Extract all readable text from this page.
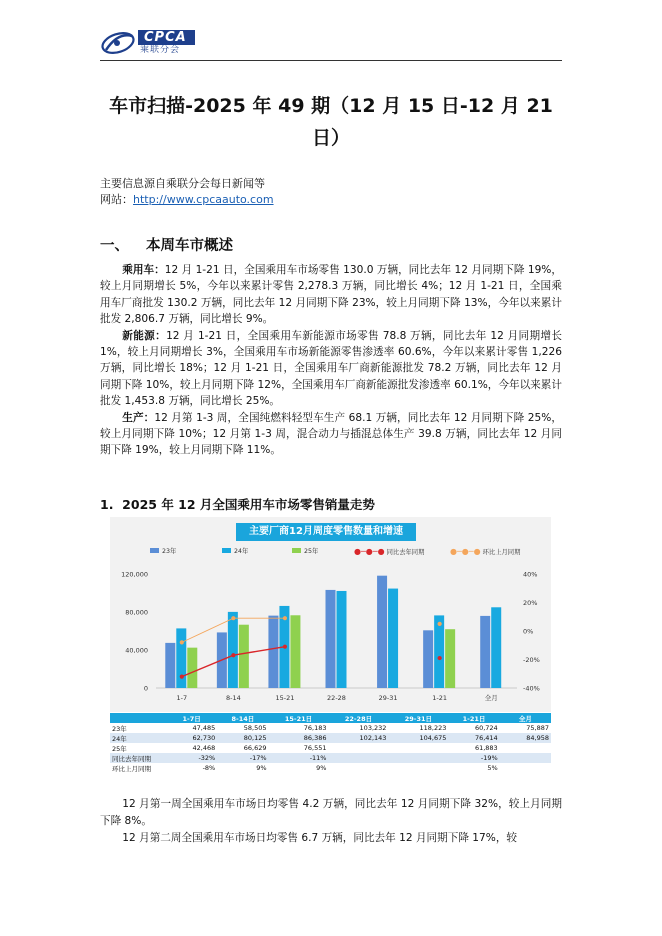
CPCA
乘联分会
车市扫描-2025 年 49 期（12 月 15 日-12 月 21
日）
主要信息源自乘联分会每日新闻等
网站：http://www.cpcaauto.com
一、 本周车市概述

乘用车：12 月 1-21 日，全国乘用车市场零售 130.0 万辆，同比去年 12 月同期下降 19%，较上月同期增长 5%，今年以来累计零售 2,278.3 万辆，同比增长 4%；12 月 1-21 日，全国乘用车厂商批发 130.2 万辆，同比去年 12 月同期下降 23%，较上月同期下降 13%，今年以来累计批发 2,806.7 万辆，同比增长 9%。

新能源：12 月 1-21 日，全国乘用车新能源市场零售 78.8 万辆，同比去年 12 月同期增长 1%，较上月同期增长 3%，全国乘用车市场新能源零售渗透率 60.6%，今年以来累计零售 1,226 万辆，同比增长 18%；12 月 1-21 日，全国乘用车厂商新能源批发 78.2 万辆，同比去年 12 月同期下降 10%，较上月同期下降 12%，全国乘用车厂商新能源批发渗透率 60.1%，今年以来累计批发 1,453.8 万辆，同比增长 25%。

生产：12 月第 1-3 周，全国纯燃料轻型车生产 68.1 万辆，同比去年 12 月同期下降 25%，较上月同期下降 10%；12 月第 1-3 周，混合动力与插混总体生产 39.8 万辆，同比去年 12 月同期下降 19%，较上月同期下降 11%。

1. 2025 年 12 月全国乘用车市场零售销量走势
主要厂商12月周度零售数量和增速
23年	24年	25年	●─●─● 同比去年同期	●─●─● 环比上月同期
0
40,000
80,000
120,000	40%
20%
0%
-20%
-40%
1-7	8-14	15-21	22-28	29-31	1-21	全月
	1-7日	8-14日	15-21日	22-28日	29-31日	1-21日	全月
23年	47,485	58,505	76,183	103,232	118,223	60,724	75,887
24年	62,730	80,125	86,386	102,143	104,675	76,414	84,958
25年	42,468	66,629	76,551			61,883	
同比去年同期	-32%	-17%	-11%			-19%	
环比上月同期	-8%	9%	9%			5%	

12 月第一周全国乘用车市场日均零售 4.2 万辆，同比去年 12 月同期下降 32%，较上月同期下降 8%。

12 月第二周全国乘用车市场日均零售 6.7 万辆，同比去年 12 月同期下降 17%，较
